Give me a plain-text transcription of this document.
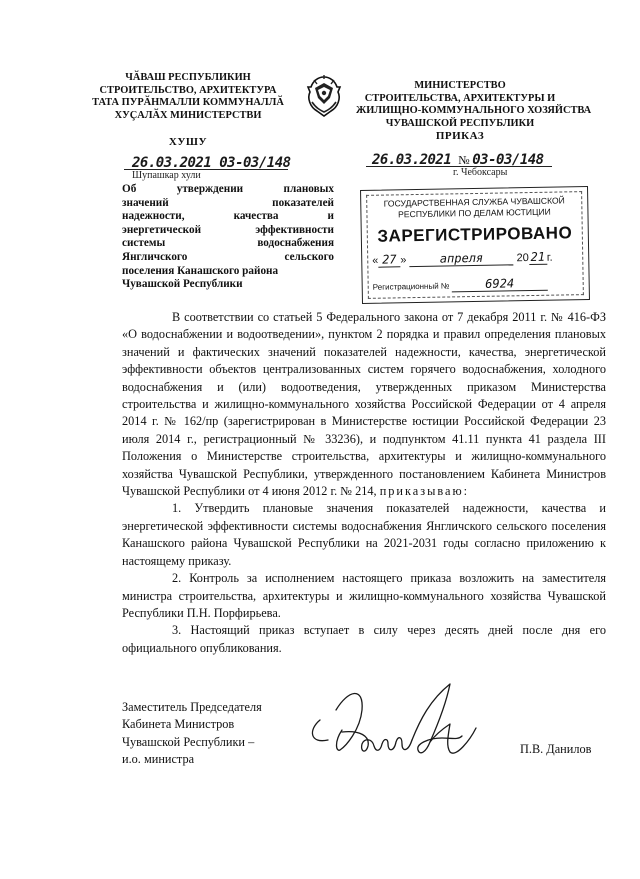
ЧӐВАШ РЕСПУБЛИКИН
СТРОИТЕЛЬСТВО, АРХИТЕКТУРА
ТАТА ПУРӐНМАЛЛИ КОММУНАЛЛӐ
ХУҪАЛӐХ МИНИСТЕРСТВИ
МИНИСТЕРСТВО
СТРОИТЕЛЬСТВА, АРХИТЕКТУРЫ И
ЖИЛИЩНО-КОММУНАЛЬНОГО ХОЗЯЙСТВА
ЧУВАШСКОЙ РЕСПУБЛИКИ
ХУШУ	ПРИКАЗ
26.03.2021 03-03/148
Шупашкар хули
26.03.2021 № 03-03/148
г. Чебоксары
Об	утверждении	плановых
значений	показателей
надежности,	качества	и
энергетической	эффективности
системы	водоснабжения
Янгличского	сельского
поселения Канашского района
Чувашской Республики
ГОСУДАРСТВЕННАЯ СЛУЖБА ЧУВАШСКОЙ
РЕСПУБЛИКИ ПО ДЕЛАМ ЮСТИЦИИ
ЗАРЕГИСТРИРОВАНО
« 27 »	апреля	20 21 г.
Регистрационный №	6924

В соответствии со статьей 5 Федерального закона от 7 декабря 2011 г. № 416-ФЗ «О водоснабжении и водоотведении», пунктом 2 порядка и правил определения плановых значений и фактических значений показателей надежности, качества, энергетической эффективности объектов централизованных систем горячего водоснабжения, холодного водоснабжения и (или) водоотведения, утвержденных приказом Министерства строительства и жилищно-коммунального хозяйства Российской Федерации от 4 апреля 2014 г. № 162/пр (зарегистрирован в Министерстве юстиции Российской Федерации 23 июля 2014 г., регистрационный № 33236), и подпунктом 41.11 пункта 41 раздела III Положения о Министерстве строительства, архитектуры и жилищно-коммунального хозяйства Чувашской Республики, утвержденного постановлением Кабинета Министров Чувашской Республики от 4 июня 2012 г. № 214, приказываю:

1. Утвердить плановые значения показателей надежности, качества и энергетической эффективности системы водоснабжения Янгличского сельского поселения Канашского района Чувашской Республики на 2021-2031 годы согласно приложению к настоящему приказу.

2. Контроль за исполнением настоящего приказа возложить на заместителя министра строительства, архитектуры и жилищно-коммунального хозяйства Чувашской Республики П.Н. Порфирьева.

3. Настоящий приказ вступает в силу через десять дней после дня его официального опубликования.

Заместитель Председателя
Кабинета Министров
Чувашской Республики –
и.о. министра
П.В. Данилов
